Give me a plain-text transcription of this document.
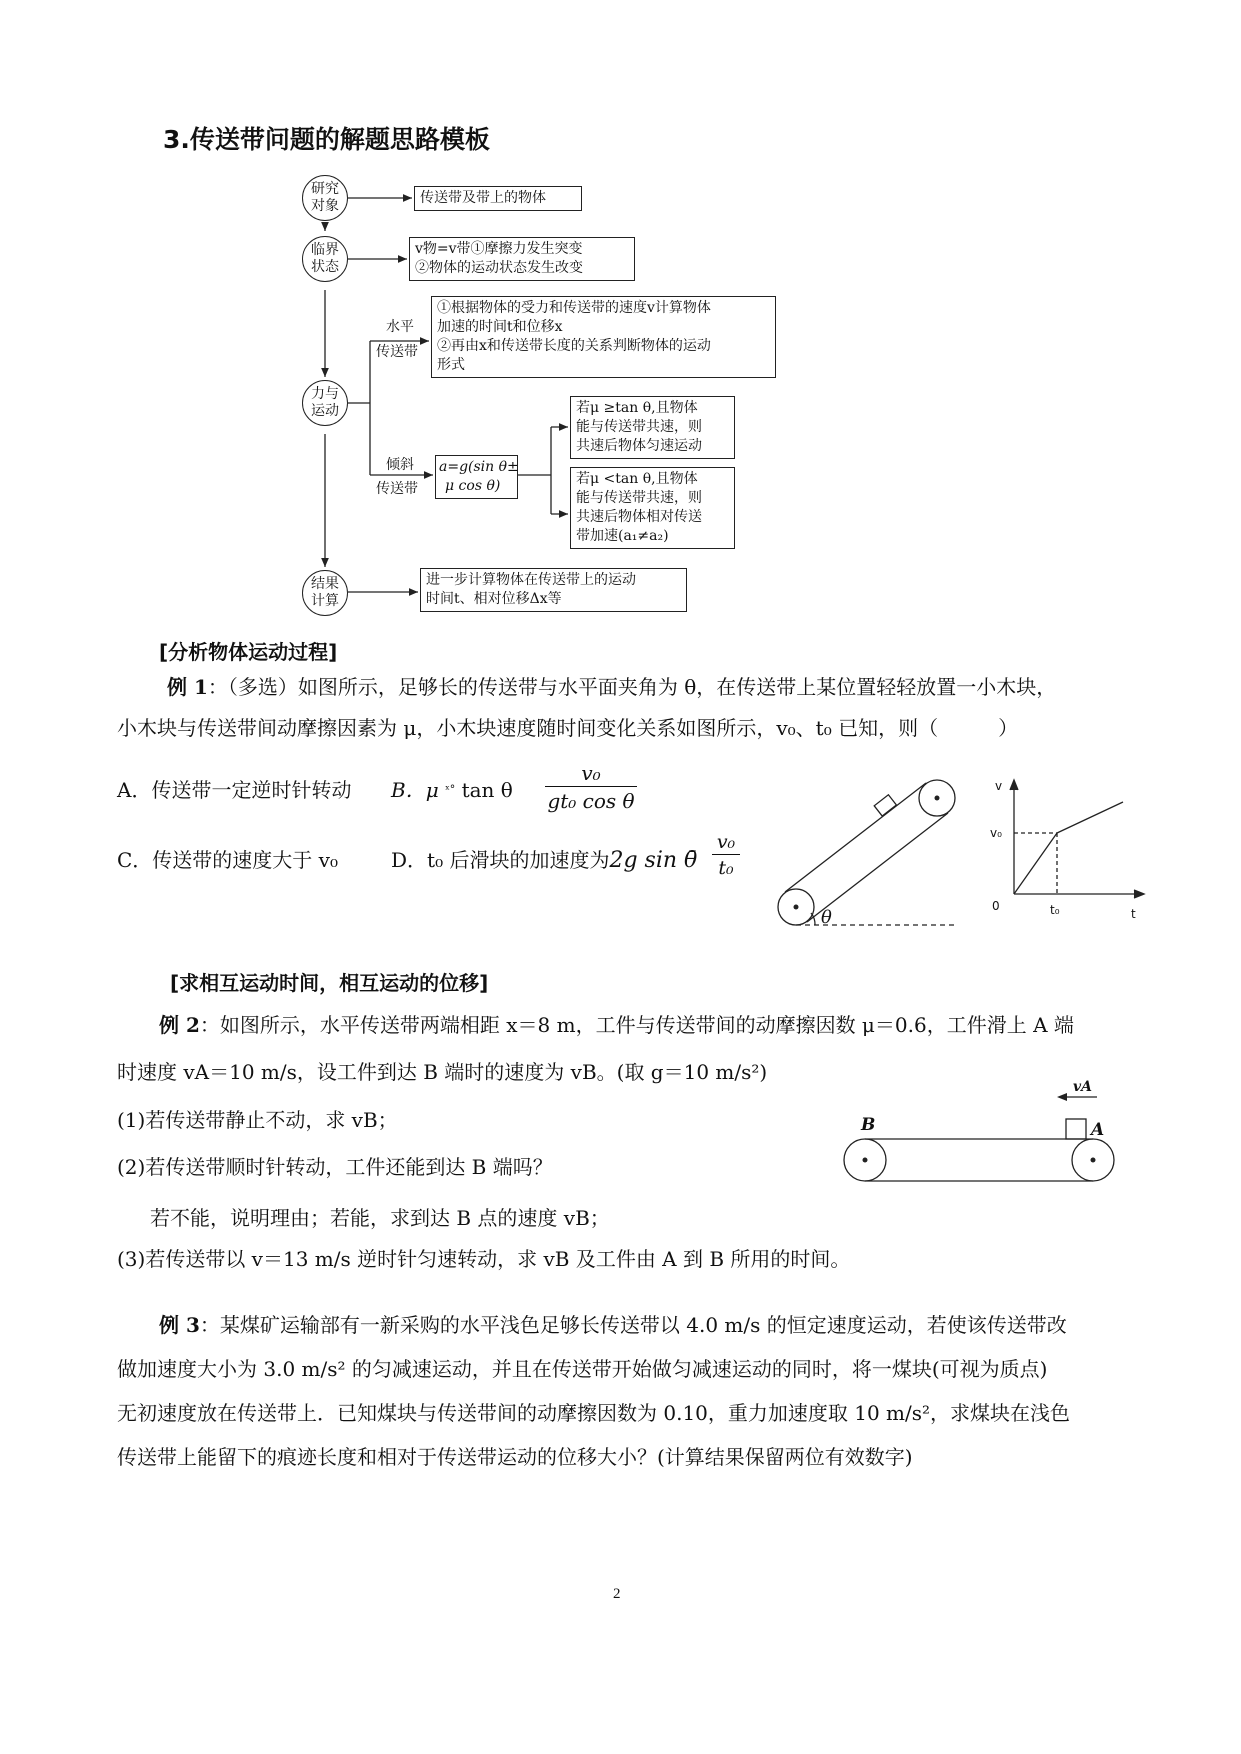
3.传送带问题的解题思路模板
研究
对象
临界
状态
力与
运动
结果
计算
传送带及带上的物体
v物=v带①摩擦力发生突变
②物体的运动状态发生改变
水平
传送带
①根据物体的受力和传送带的速度v计算物体
加速的时间t和位移x
②再由x和传送带长度的关系判断物体的运动
形式
倾斜
传送带
a=g(sin θ±
μ cos θ)
若μ ≥tan θ,且物体
能与传送带共速，则
共速后物体匀速运动
若μ <tan θ,且物体
能与传送带共速，则
共速后物体相对传送
带加速(a₁≠a₂)
进一步计算物体在传送带上的运动
时间t、相对位移Δx等
[分析物体运动过程]
例 1：（多选）如图所示，足够长的传送带与水平面夹角为 θ，在传送带上某位置轻轻放置一小木块，
小木块与传送带间动摩擦因素为 μ，小木块速度随时间变化关系如图所示，v₀、t₀ 已知，则（　　　）
A．传送带一定逆时针转动 B．μ $^{ˣ^\circ}$ tan θ
v₀
gt₀ cos θ
C．传送带的速度大于 v₀	D．t₀ 后滑块的加速度为2g sin θ̄
v₀
t₀
θ
v
v₀
0	t₀	t
[求相互运动时间，相互运动的位移]
例 2：如图所示，水平传送带两端相距 x＝8 m，工件与传送带间的动摩擦因数 μ＝0.6，工件滑上 A 端
时速度 vA＝10 m/s，设工件到达 B 端时的速度为 vB。(取 g＝10 m/s²)
(1)若传送带静止不动，求 vB；
(2)若传送带顺时针转动，工件还能到达 B 端吗？
若不能，说明理由；若能，求到达 B 点的速度 vB；
(3)若传送带以 v＝13 m/s 逆时针匀速转动，求 vB 及工件由 A 到 B 所用的时间。
B	A
vA
例 3：某煤矿运输部有一新采购的水平浅色足够长传送带以 4.0 m/s 的恒定速度运动，若使该传送带改
做加速度大小为 3.0 m/s² 的匀减速运动，并且在传送带开始做匀减速运动的同时，将一煤块(可视为质点)
无初速度放在传送带上．已知煤块与传送带间的动摩擦因数为 0.10，重力加速度取 10 m/s²，求煤块在浅色
传送带上能留下的痕迹长度和相对于传送带运动的位移大小？(计算结果保留两位有效数字)
2
